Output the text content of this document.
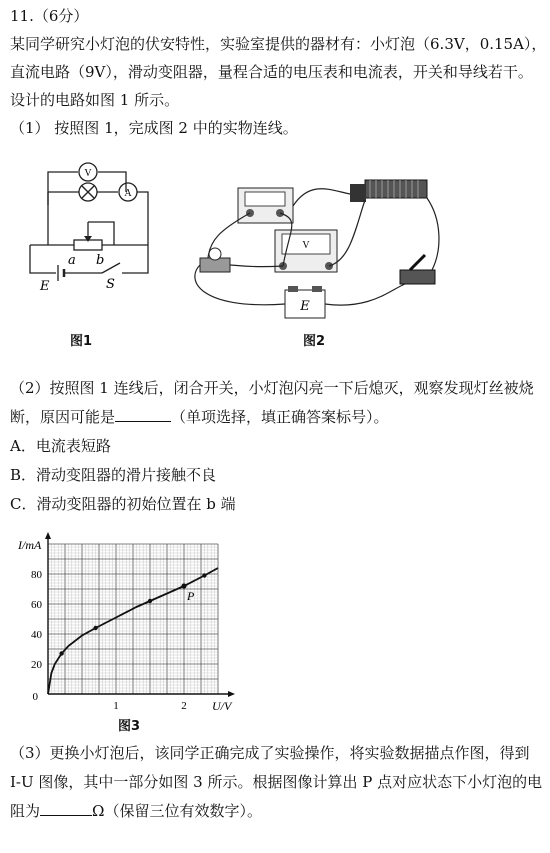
11.（6分）
某同学研究小灯泡的伏安特性，实验室提供的器材有：小灯泡（6.3V，0.15A），
直流电路（9V），滑动变阻器，量程合适的电压表和电流表，开关和导线若干。
设计的电路如图 1 所示。
（1） 按照图 1，完成图 2 中的实物连线。
V
A
a b
E	S
图1
V
E
图2
（2）按照图 1 连线后，闭合开关，小灯泡闪亮一下后熄灭，观察发现灯丝被烧
断，原因可能是	（单项选择，填正确答案标号）。
A．电流表短路
B．滑动变阻器的滑片接触不良
C．滑动变阻器的初始位置在 b 端
20
40
60
80
1	2
0
P
I/mA
U/V
图3
（3）更换小灯泡后，该同学正确完成了实验操作，将实验数据描点作图，得到
I-U 图像，其中一部分如图 3 所示。根据图像计算出 P 点对应状态下小灯泡的电
阻为	Ω（保留三位有效数字）。
